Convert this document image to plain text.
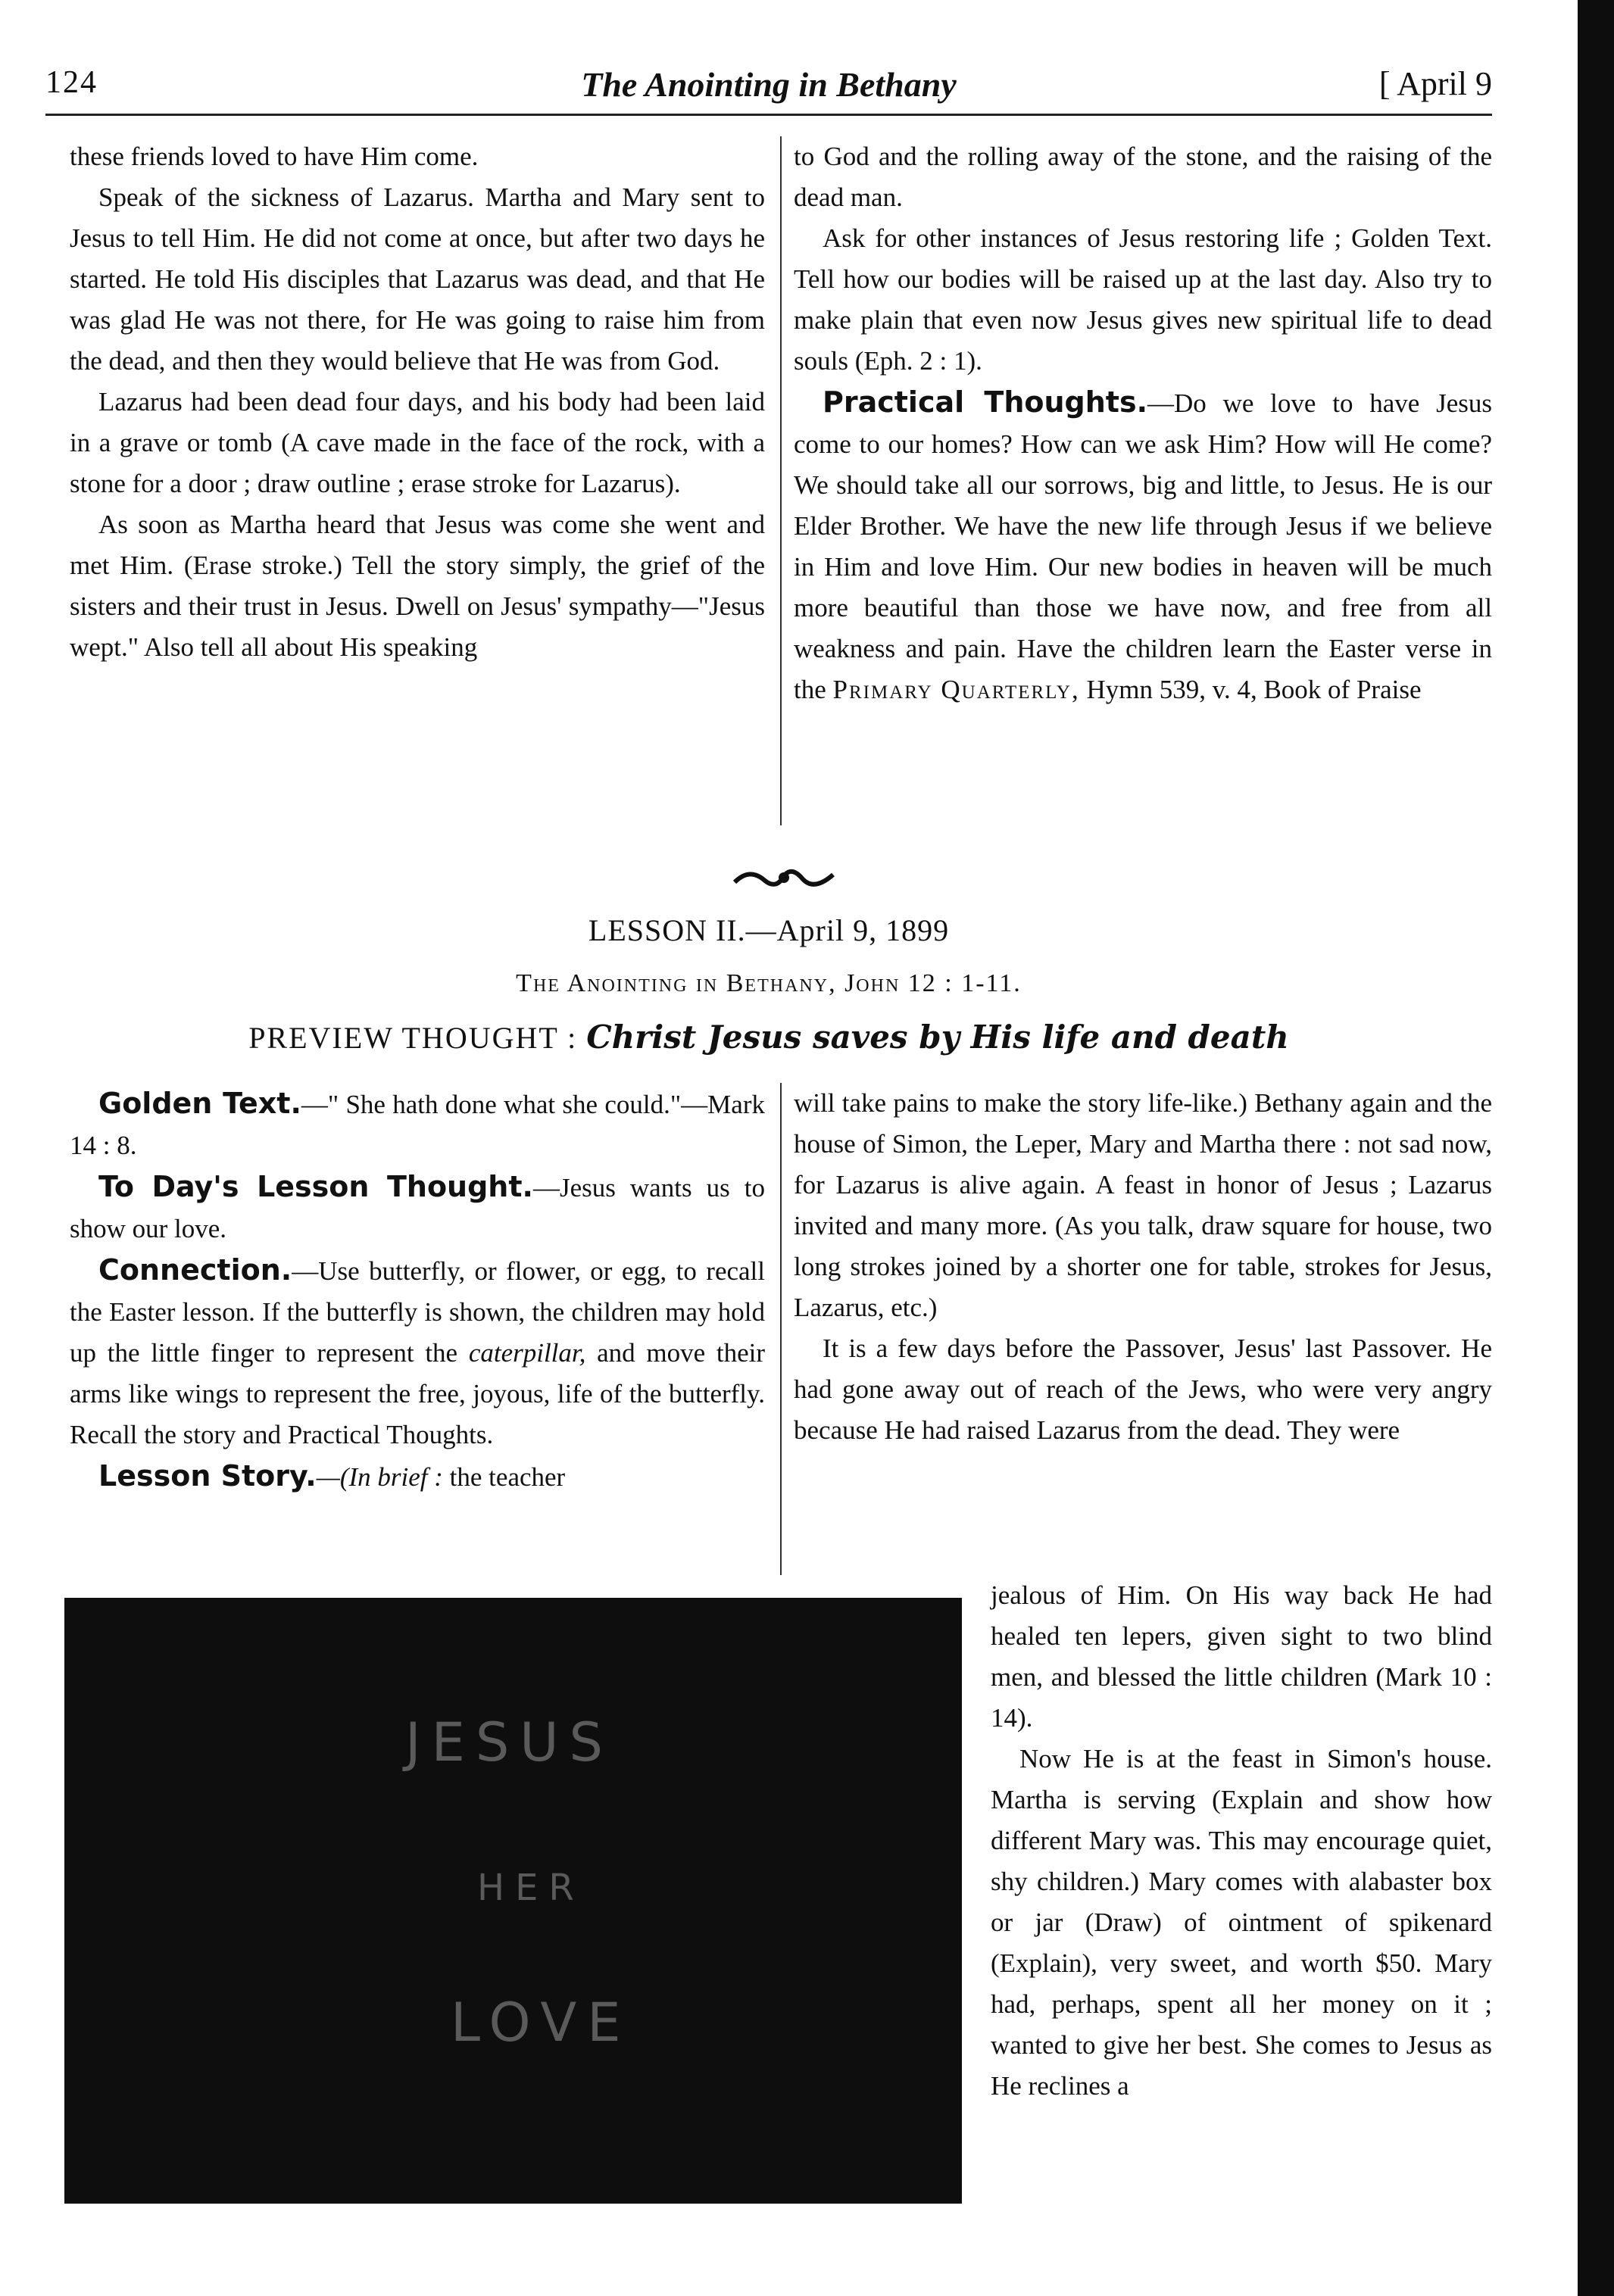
124	The Anointing in Bethany	[ April 9

these friends loved to have Him come.

Speak of the sickness of Lazarus. Martha and Mary sent to Jesus to tell Him. He did not come at once, but after two days he started. He told His disciples that Lazarus was dead, and that He was glad He was not there, for He was going to raise him from the dead, and then they would believe that He was from God.

Lazarus had been dead four days, and his body had been laid in a grave or tomb (A cave made in the face of the rock, with a stone for a door ; draw outline ; erase stroke for Lazarus).

As soon as Martha heard that Jesus was come she went and met Him. (Erase stroke.) Tell the story simply, the grief of the sisters and their trust in Jesus. Dwell on Jesus' sympathy—"Jesus wept." Also tell all about His speaking

to God and the rolling away of the stone, and the raising of the dead man.

Ask for other instances of Jesus restoring life ; Golden Text. Tell how our bodies will be raised up at the last day. Also try to make plain that even now Jesus gives new spiritual life to dead souls (Eph. 2 : 1).

Practical Thoughts.—Do we love to have Jesus come to our homes? How can we ask Him? How will He come? We should take all our sorrows, big and little, to Jesus. He is our Elder Brother. We have the new life through Jesus if we believe in Him and love Him. Our new bodies in heaven will be much more beautiful than those we have now, and free from all weakness and pain. Have the children learn the Easter verse in the Primary Quarterly, Hymn 539, v. 4, Book of Praise

LESSON II.—April 9, 1899
The Anointing in Bethany, John 12 : 1-11.
PREVIEW THOUGHT : Christ Jesus saves by His life and death

Golden Text.—" She hath done what she could."—Mark 14 : 8.

To Day's Lesson Thought.—Jesus wants us to show our love.

Connection.—Use butterfly, or flower, or egg, to recall the Easter lesson. If the butterfly is shown, the children may hold up the little finger to represent the caterpillar, and move their arms like wings to represent the free, joyous, life of the butterfly. Recall the story and Practical Thoughts.

Lesson Story.—(In brief : the teacher

will take pains to make the story life-like.) Bethany again and the house of Simon, the Leper, Mary and Martha there : not sad now, for Lazarus is alive again. A feast in honor of Jesus ; Lazarus invited and many more. (As you talk, draw square for house, two long strokes joined by a shorter one for table, strokes for Jesus, Lazarus, etc.)

It is a few days before the Passover, Jesus' last Passover. He had gone away out of reach of the Jews, who were very angry because He had raised Lazarus from the dead. They were

JESUS
HER
LOVE

jealous of Him. On His way back He had healed ten lepers, given sight to two blind men, and blessed the little children (Mark 10 : 14).

Now He is at the feast in Simon's house. Martha is serving (Explain and show how different Mary was. This may encourage quiet, shy children.) Mary comes with alabaster box or jar (Draw) of ointment of spikenard (Explain), very sweet, and worth $50. Mary had, perhaps, spent all her money on it ; wanted to give her best. She comes to Jesus as He reclines a
